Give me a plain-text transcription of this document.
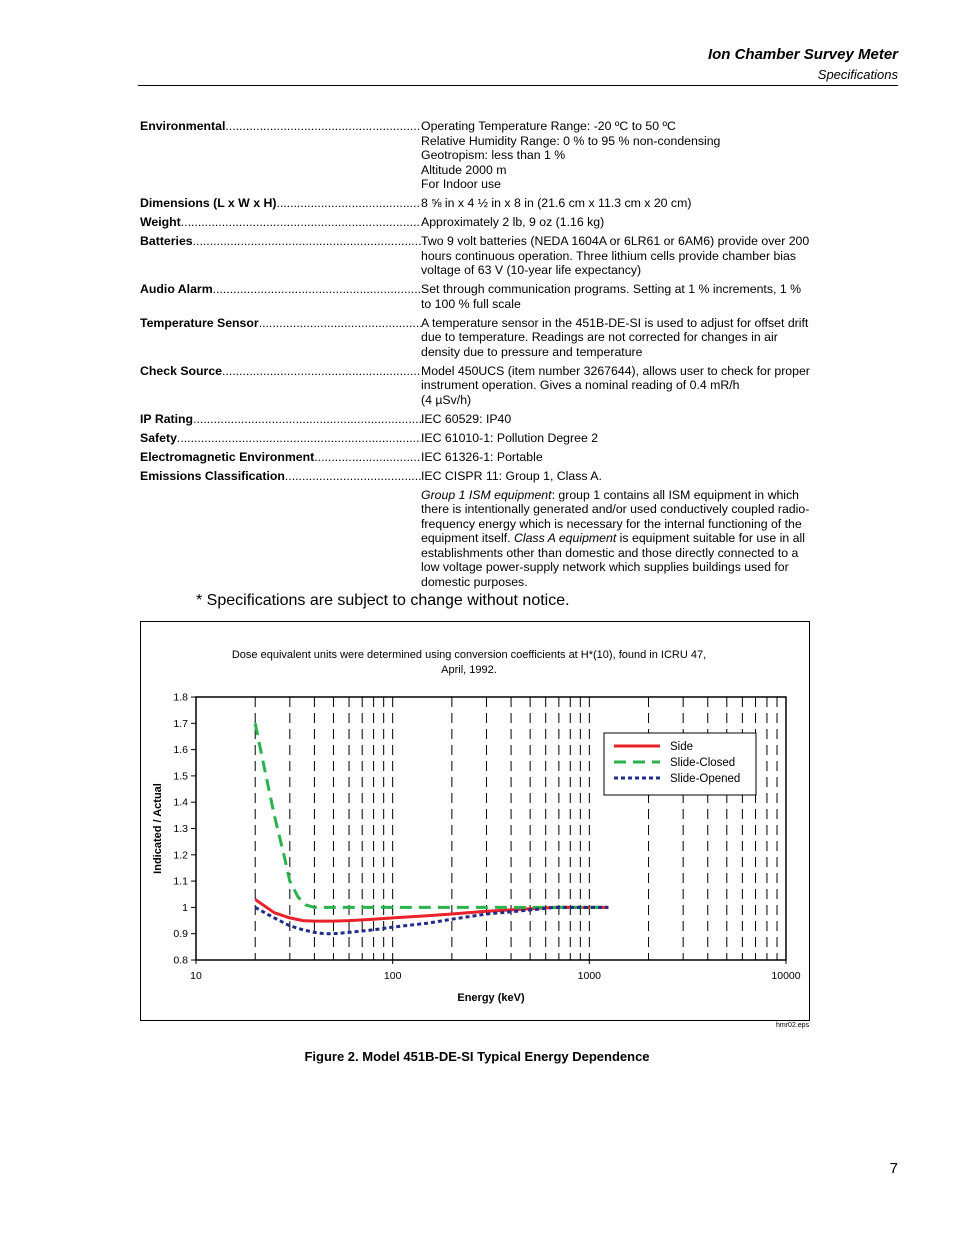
Ion Chamber Survey Meter
Specifications
Environmental .....	Operating Temperature Range: -20 ºC to 50 ºC
Relative Humidity Range: 0 % to 95 % non-condensing
Geotropism: less than 1 %
Altitude 2000 m
For Indoor use
Dimensions (L x W x H) .....	8 ⅝ in x 4 ½ in x 8 in (21.6 cm x 11.3 cm x 20 cm)
Weight .....	Approximately 2 lb, 9 oz (1.16 kg)
Batteries .....	Two 9 volt batteries (NEDA 1604A or 6LR61 or 6AM6) provide over 200 hours continuous operation. Three lithium cells provide chamber bias voltage of 63 V (10-year life expectancy)
Audio Alarm .....	Set through communication programs. Setting at 1 % increments, 1 % to 100 % full scale
Temperature Sensor .....	A temperature sensor in the 451B-DE-SI is used to adjust for offset drift due to temperature. Readings are not corrected for changes in air density due to pressure and temperature
Check Source .....	Model 450UCS (item number 3267644), allows user to check for proper instrument operation. Gives a nominal reading of 0.4 mR/h
(4 µSv/h)
IP Rating .....	IEC 60529: IP40
Safety .....	IEC 61010-1: Pollution Degree 2
Electromagnetic Environment .....	IEC 61326-1: Portable
Emissions Classification .....	IEC CISPR 11: Group 1, Class A.
Group 1 ISM equipment: group 1 contains all ISM equipment in which there is intentionally generated and/or used conductively coupled radio-frequency energy which is necessary for the internal functioning of the equipment itself. Class A equipment is equipment suitable for use in all establishments other than domestic and those directly connected to a low voltage power-supply network which supplies buildings used for domestic purposes.
* Specifications are subject to change without notice.
Dose equivalent units were determined using conversion coefficients at H*(10), found in ICRU 47,
April, 1992.
0.8
0.9
1
1.1
1.2
1.3
1.4
1.5
1.6
1.7
1.8
10	100	1000	10000
Energy (keV)
Indicated / Actual
Side
Slide-Closed
Slide-Opened
hmr02.eps
Figure 2. Model 451B-DE-SI Typical Energy Dependence
7
